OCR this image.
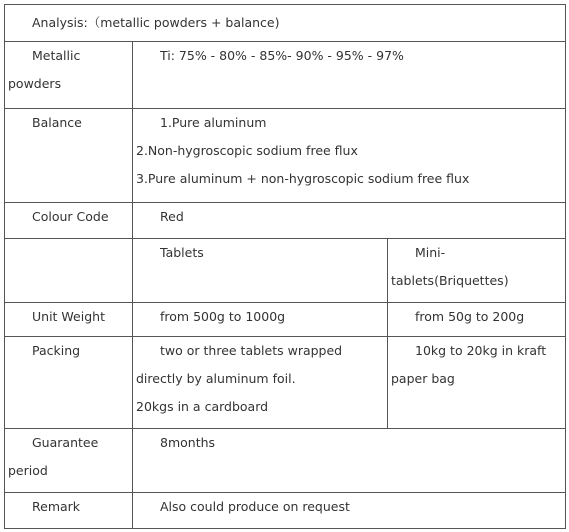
Analysis:（metallic powders + balance)		

Metallic
powders	Ti: 75% - 80% - 85%- 90% - 95% - 97%	
Balance	1.Pure aluminum
2.Non-hygroscopic sodium free flux
3.Pure aluminum + non-hygroscopic sodium free flux	

Colour Code	Red	
	Tablets	Mini-
tablets(Briquettes)

Unit Weight	from 500g to 1000g	from 50g to 200g
Packing	two or three tablets wrapped
directly by aluminum foil.
20kgs in a cardboard	10kg to 20kg in kraft
paper bag

Guarantee
period	8months	
Remark	Also could produce on request	
